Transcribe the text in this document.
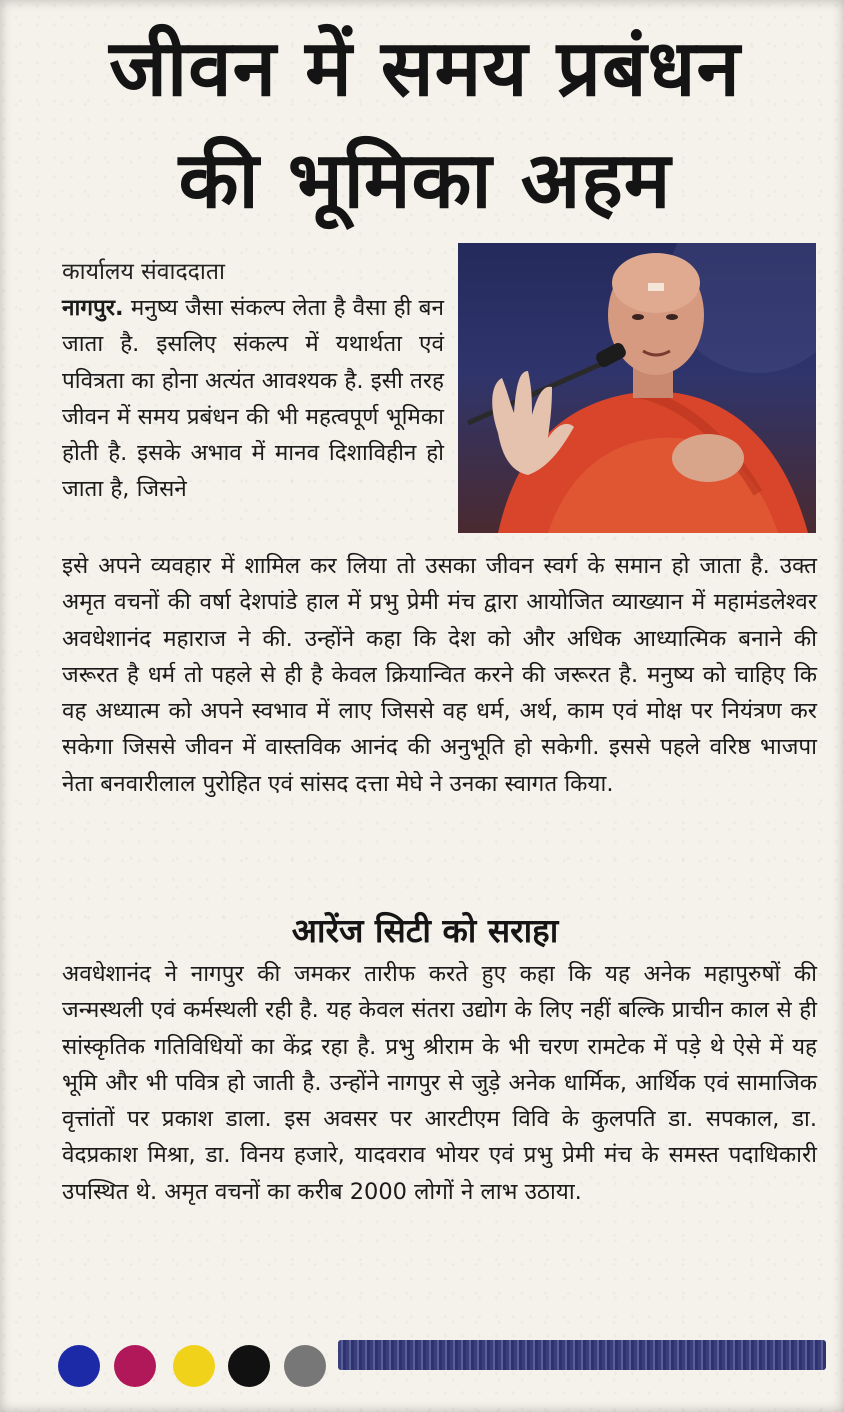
जीवन में समय प्रबंधन
की भूमिका अहम
कार्यालय संवाददाता
नागपुर. मनुष्य जैसा संकल्प लेता है वैसा ही बन जाता है. इसलिए संकल्प में यथार्थता एवं पवित्रता का होना अत्यंत आवश्यक है. इसी तरह जीवन में समय प्रबंधन की भी महत्वपूर्ण भूमिका होती है. इसके अभाव में मानव दिशाविहीन हो जाता है, जिसने
इसे अपने व्यवहार में शामिल कर लिया तो उसका जीवन स्वर्ग के समान हो जाता है. उक्त अमृत वचनों की वर्षा देशपांडे हाल में प्रभु प्रेमी मंच द्वारा आयोजित व्याख्यान में महामंडलेश्वर अवधेशानंद महाराज ने की. उन्होंने कहा कि देश को और अधिक आध्यात्मिक बनाने की जरूरत है धर्म तो पहले से ही है केवल क्रियान्वित करने की जरूरत है. मनुष्य को चाहिए कि वह अध्यात्म को अपने स्वभाव में लाए जिससे वह धर्म, अर्थ, काम एवं मोक्ष पर नियंत्रण कर सकेगा जिससे जीवन में वास्तविक आनंद की अनुभूति हो सकेगी. इससे पहले वरिष्ठ भाजपा नेता बनवारीलाल पुरोहित एवं सांसद दत्ता मेघे ने उनका स्वागत किया.
आरेंज सिटी को सराहा
अवधेशानंद ने नागपुर की जमकर तारीफ करते हुए कहा कि यह अनेक महापुरुषों की जन्मस्थली एवं कर्मस्थली रही है. यह केवल संतरा उद्योग के लिए नहीं बल्कि प्राचीन काल से ही सांस्कृतिक गतिविधियों का केंद्र रहा है. प्रभु श्रीराम के भी चरण रामटेक में पड़े थे ऐसे में यह भूमि और भी पवित्र हो जाती है. उन्होंने नागपुर से जुड़े अनेक धार्मिक, आर्थिक एवं सामाजिक वृत्तांतों पर प्रकाश डाला. इस अवसर पर आरटीएम विवि के कुलपति डा. सपकाल, डा. वेदप्रकाश मिश्रा, डा. विनय हजारे, यादवराव भोयर एवं प्रभु प्रेमी मंच के समस्त पदाधिकारी उपस्थित थे. अमृत वचनों का करीब 2000 लोगों ने लाभ उठाया.
